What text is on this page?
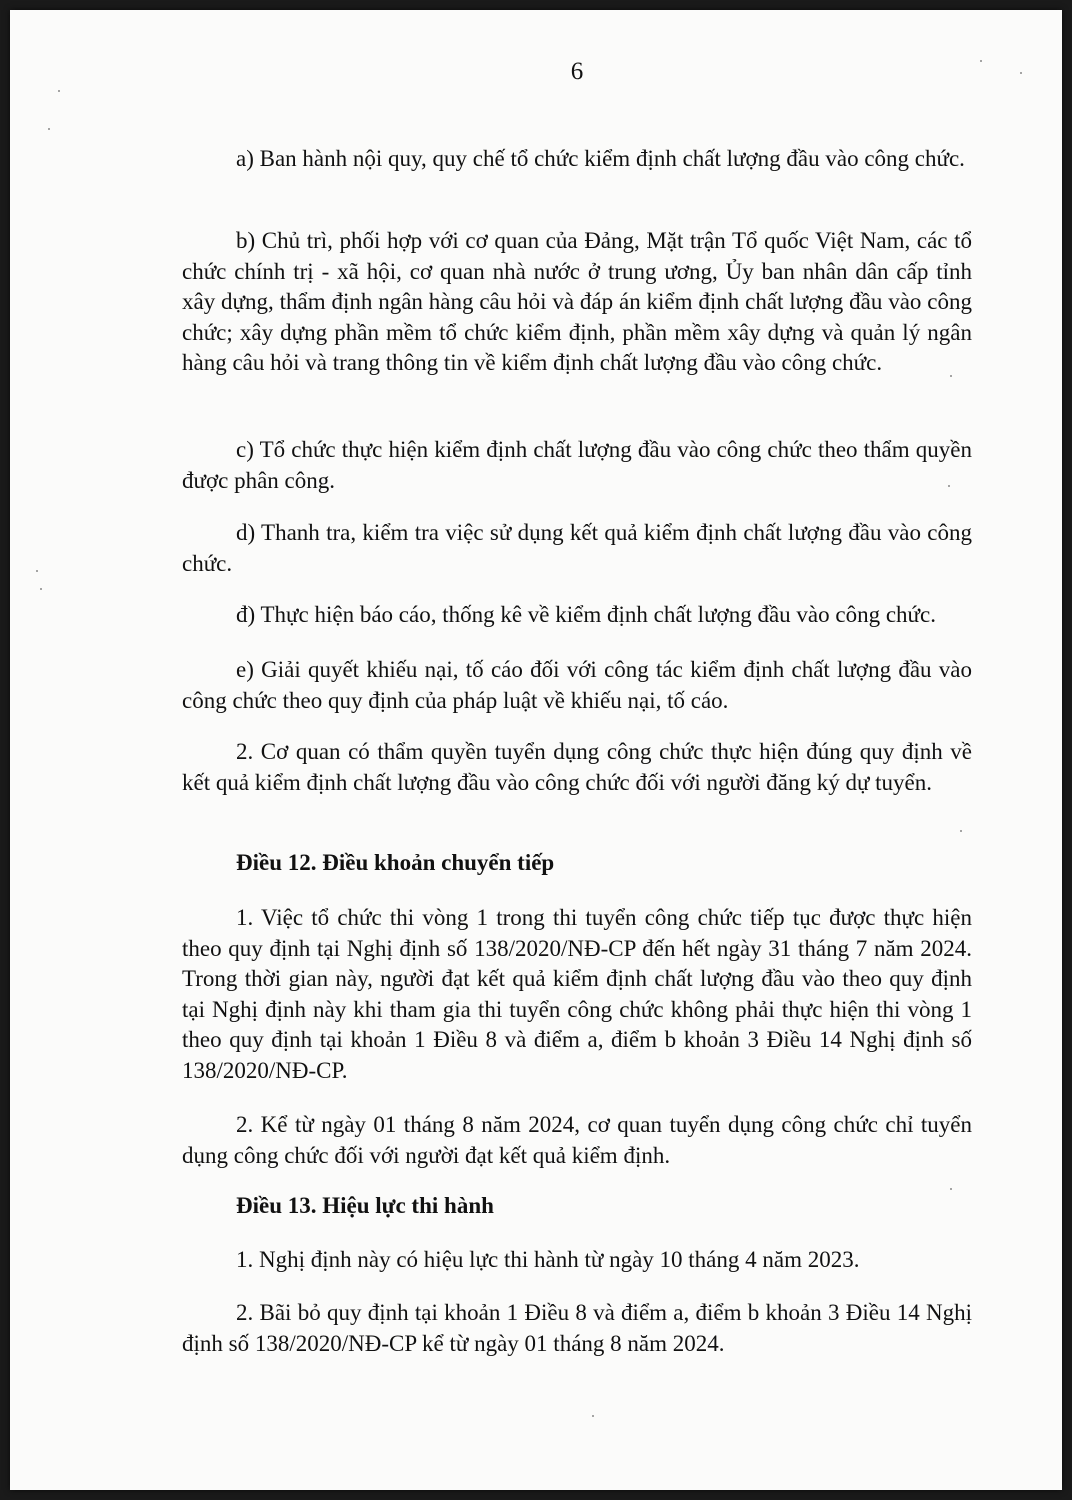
6

a) Ban hành nội quy, quy chế tổ chức kiểm định chất lượng đầu vào công chức.

b) Chủ trì, phối hợp với cơ quan của Đảng, Mặt trận Tổ quốc Việt Nam, các tổ chức chính trị - xã hội, cơ quan nhà nước ở trung ương, Ủy ban nhân dân cấp tỉnh xây dựng, thẩm định ngân hàng câu hỏi và đáp án kiểm định chất lượng đầu vào công chức; xây dựng phần mềm tổ chức kiểm định, phần mềm xây dựng và quản lý ngân hàng câu hỏi và trang thông tin về kiểm định chất lượng đầu vào công chức.

c) Tổ chức thực hiện kiểm định chất lượng đầu vào công chức theo thẩm quyền được phân công.

d) Thanh tra, kiểm tra việc sử dụng kết quả kiểm định chất lượng đầu vào công chức.

đ) Thực hiện báo cáo, thống kê về kiểm định chất lượng đầu vào công chức.

e) Giải quyết khiếu nại, tố cáo đối với công tác kiểm định chất lượng đầu vào công chức theo quy định của pháp luật về khiếu nại, tố cáo.

2. Cơ quan có thẩm quyền tuyển dụng công chức thực hiện đúng quy định về kết quả kiểm định chất lượng đầu vào công chức đối với người đăng ký dự tuyển.

Điều 12. Điều khoản chuyển tiếp

1. Việc tổ chức thi vòng 1 trong thi tuyển công chức tiếp tục được thực hiện theo quy định tại Nghị định số 138/2020/NĐ-CP đến hết ngày 31 tháng 7 năm 2024. Trong thời gian này, người đạt kết quả kiểm định chất lượng đầu vào theo quy định tại Nghị định này khi tham gia thi tuyển công chức không phải thực hiện thi vòng 1 theo quy định tại khoản 1 Điều 8 và điểm a, điểm b khoản 3 Điều 14 Nghị định số 138/2020/NĐ-CP.

2. Kể từ ngày 01 tháng 8 năm 2024, cơ quan tuyển dụng công chức chỉ tuyển dụng công chức đối với người đạt kết quả kiểm định.

Điều 13. Hiệu lực thi hành

1. Nghị định này có hiệu lực thi hành từ ngày 10 tháng 4 năm 2023.

2. Bãi bỏ quy định tại khoản 1 Điều 8 và điểm a, điểm b khoản 3 Điều 14 Nghị định số 138/2020/NĐ-CP kể từ ngày 01 tháng 8 năm 2024.
